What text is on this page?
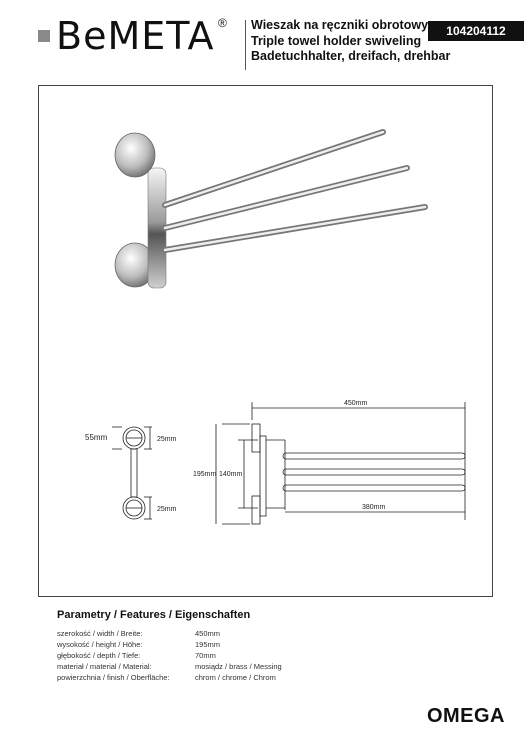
BeMETA ® Wieszak na ręczniki obrotowy
Triple towel holder swiveling
Badetuchhalter, dreifach, drehbar
104204112
55mm	25mm
25mm
450mm
195mm 140mm
380mm
Parametry / Features / Eigenschaften
szerokość / width / Breite:	450mm
wysokość / height / Höhe:	195mm
głębokość / depth / Tiefe:	70mm
materiał / material / Material:	mosiądz / brass / Messing
powierzchnia / finish / Oberfläche:	chrom / chrome / Chrom
OMEGA
